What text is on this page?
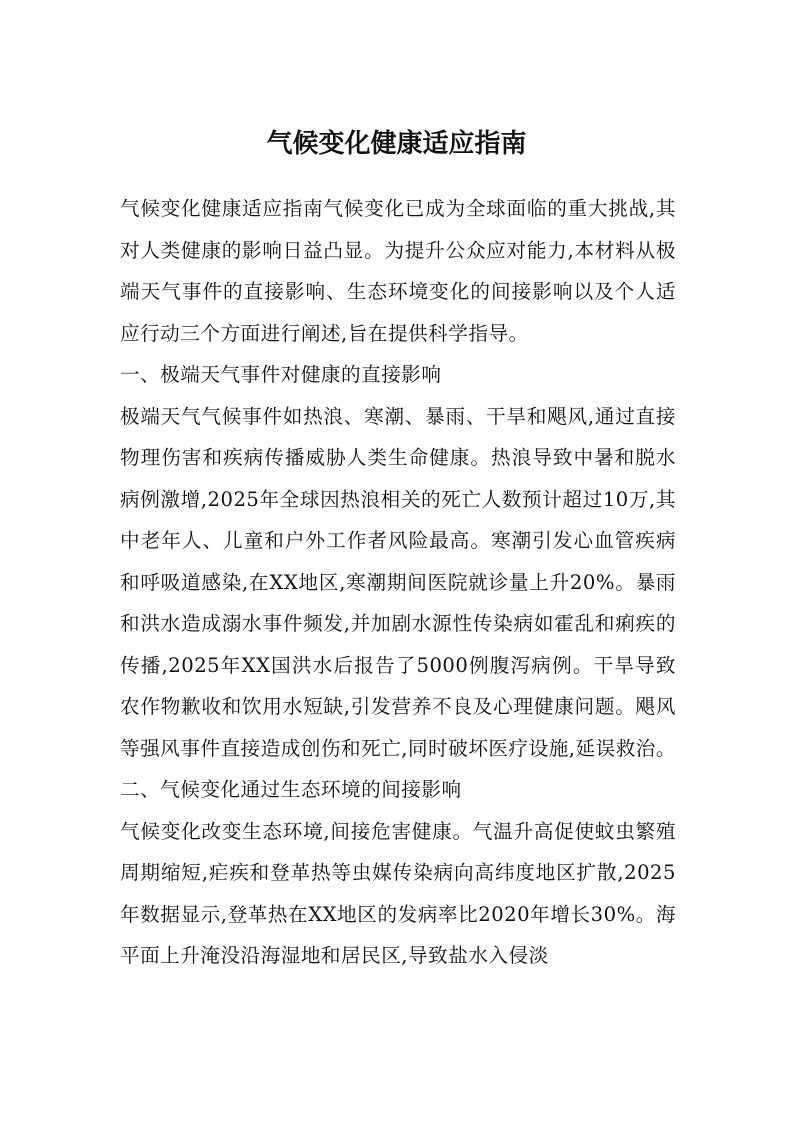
气候变化健康适应指南

气候变化健康适应指南气候变化已成为全球面临的重大挑战,其对人类健康的影响日益凸显。为提升公众应对能力,本材料从极端天气事件的直接影响、生态环境变化的间接影响以及个人适应行动三个方面进行阐述,旨在提供科学指导。

一、极端天气事件对健康的直接影响

极端天气气候事件如热浪、寒潮、暴雨、干旱和飓风,通过直接物理伤害和疾病传播威胁人类生命健康。热浪导致中暑和脱水病例激增,2025年全球因热浪相关的死亡人数预计超过10万,其中老年人、儿童和户外工作者风险最高。寒潮引发心血管疾病和呼吸道感染,在XX地区,寒潮期间医院就诊量上升20%。暴雨和洪水造成溺水事件频发,并加剧水源性传染病如霍乱和痢疾的传播,2025年XX国洪水后报告了5000例腹泻病例。干旱导致农作物歉收和饮用水短缺,引发营养不良及心理健康问题。飓风等强风事件直接造成创伤和死亡,同时破坏医疗设施,延误救治。

二、气候变化通过生态环境的间接影响

气候变化改变生态环境,间接危害健康。气温升高促使蚊虫繁殖周期缩短,疟疾和登革热等虫媒传染病向高纬度地区扩散,2025年数据显示,登革热在XX地区的发病率比2020年增长30%。海平面上升淹没沿海湿地和居民区,导致盐水入侵淡
